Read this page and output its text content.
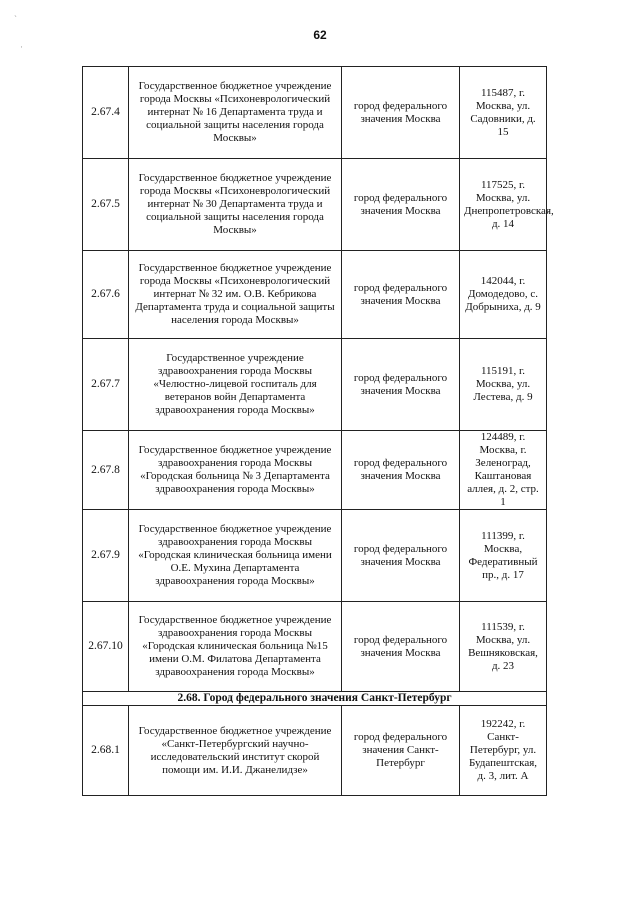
62
ˋ
·
2.67.4	Государственное бюджетное учреждение города Москвы «Психоневрологический интернат № 16 Департамента труда и социальной защиты населения города Москвы»	город федерального значения Москва	115487, г. Москва, ул. Садовники, д. 15
2.67.5	Государственное бюджетное учреждение города Москвы «Психоневрологический интернат № 30 Департамента труда и социальной защиты населения города Москвы»	город федерального значения Москва	117525, г. Москва, ул. Днепропетровская, д. 14
2.67.6	Государственное бюджетное учреждение города Москвы «Психоневрологический интернат № 32 им. О.В. Кебрикова Департамента труда и социальной защиты населения города Москвы»	город федерального значения Москва	142044, г. Домодедово, с. Добрыниха, д. 9
2.67.7	Государственное учреждение здравоохранения города Москвы «Челюстно-лицевой госпиталь для ветеранов войн Департамента здравоохранения города Москвы»	город федерального значения Москва	115191, г. Москва, ул. Лестева, д. 9
2.67.8	Государственное бюджетное учреждение здравоохранения города Москвы «Городская больница № 3 Департамента здравоохранения города Москвы»	город федерального значения Москва	124489, г. Москва, г. Зеленоград, Каштановая аллея, д. 2, стр. 1
2.67.9	Государственное бюджетное учреждение здравоохранения города Москвы «Городская клиническая больница имени О.Е. Мухина Департамента здравоохранения города Москвы»	город федерального значения Москва	111399, г. Москва, Федеративный пр., д. 17
2.67.10	Государственное бюджетное учреждение здравоохранения города Москвы «Городская клиническая больница №15 имени О.М. Филатова Департамента здравоохранения города Москвы»	город федерального значения Москва	111539, г. Москва, ул. Вешняковская, д. 23
2.68. Город федерального значения Санкт-Петербург			
2.68.1	Государственное бюджетное учреждение «Санкт-Петербургский научно-исследовательский институт скорой помощи им. И.И. Джанелидзе»	город федерального значения Санкт-Петербург	192242, г. Санкт-Петербург, ул. Будапештская, д. 3, лит. А
